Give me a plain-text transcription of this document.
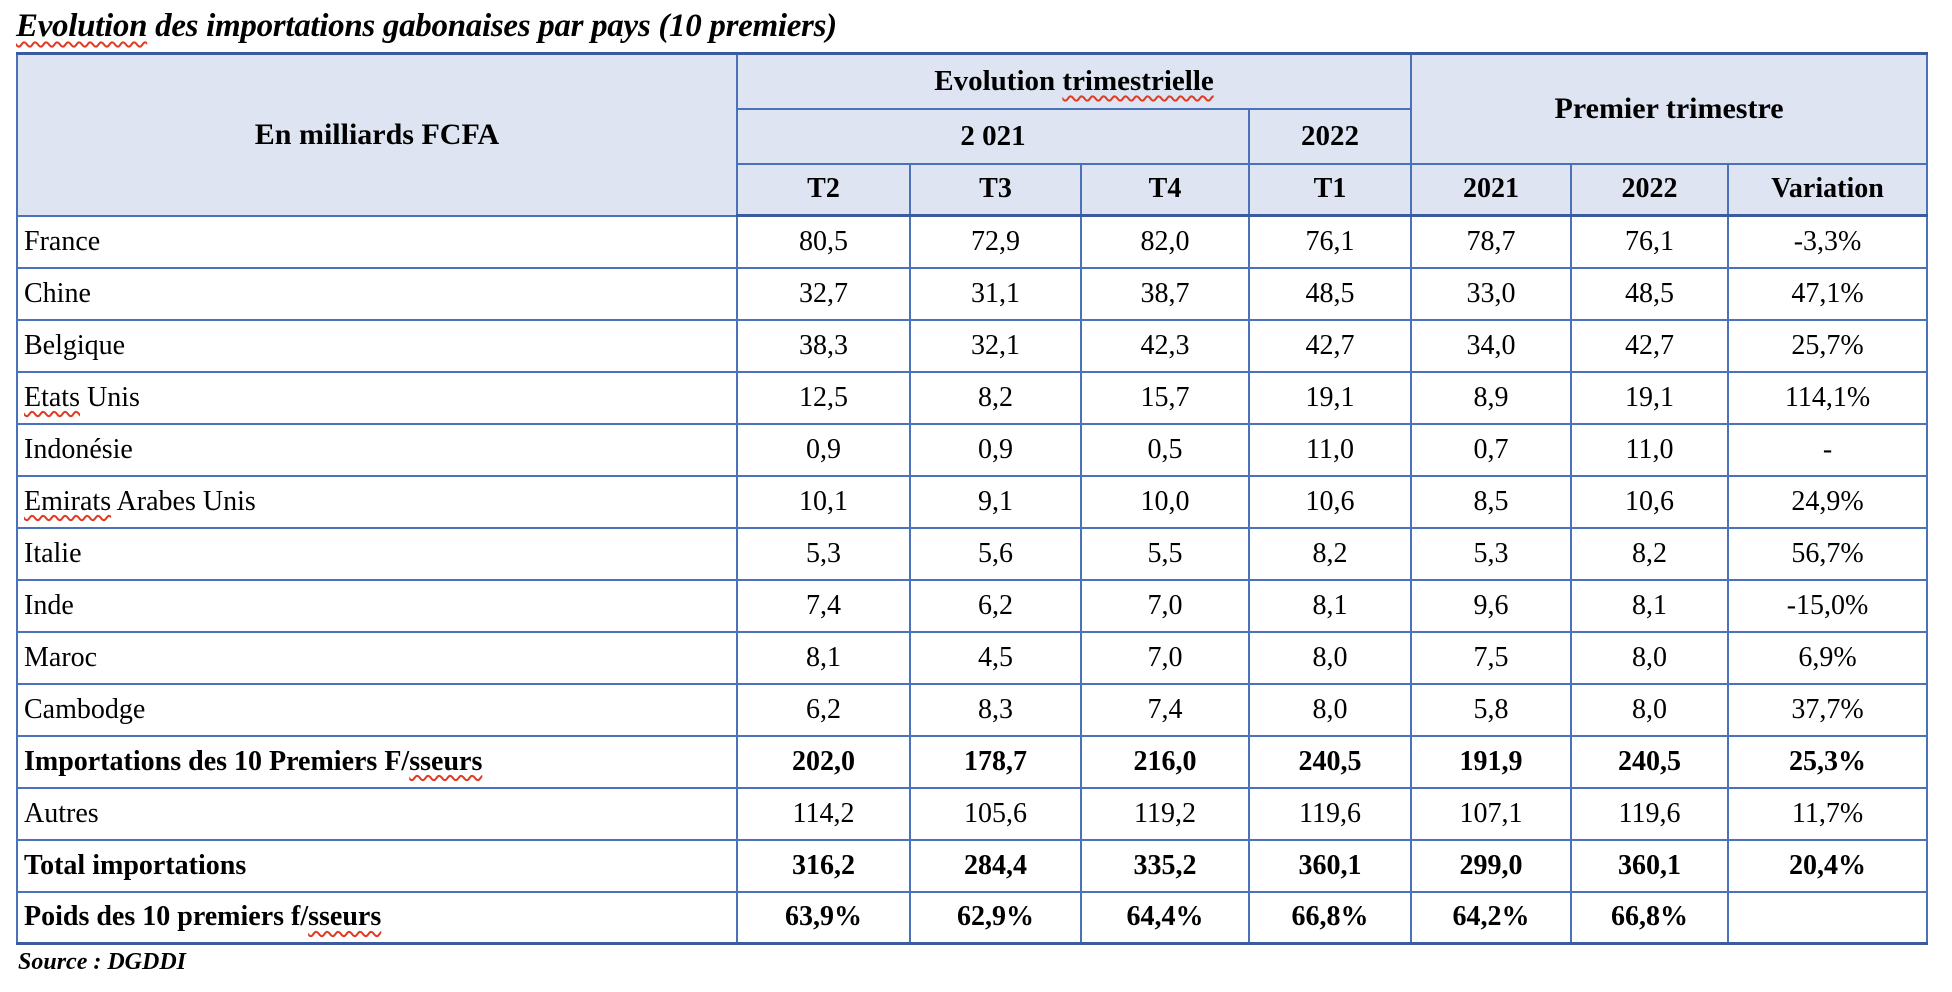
Evolution des importations gabonaises par pays (10 premiers)
En milliards FCFA	Evolution trimestrielle				Premier trimestre		
	2 021			2022			
	T2	T3	T4	T1	2021	2022	Variation
France	80,5	72,9	82,0	76,1	78,7	76,1	-3,3%
Chine	32,7	31,1	38,7	48,5	33,0	48,5	47,1%
Belgique	38,3	32,1	42,3	42,7	34,0	42,7	25,7%
Etats Unis	12,5	8,2	15,7	19,1	8,9	19,1	114,1%
Indonésie	0,9	0,9	0,5	11,0	0,7	11,0	-
Emirats Arabes Unis	10,1	9,1	10,0	10,6	8,5	10,6	24,9%
Italie	5,3	5,6	5,5	8,2	5,3	8,2	56,7%
Inde	7,4	6,2	7,0	8,1	9,6	8,1	-15,0%
Maroc	8,1	4,5	7,0	8,0	7,5	8,0	6,9%
Cambodge	6,2	8,3	7,4	8,0	5,8	8,0	37,7%
Importations des 10 Premiers F/sseurs	202,0	178,7	216,0	240,5	191,9	240,5	25,3%
Autres	114,2	105,6	119,2	119,6	107,1	119,6	11,7%
Total importations	316,2	284,4	335,2	360,1	299,0	360,1	20,4%
Poids des 10 premiers f/sseurs	63,9%	62,9%	64,4%	66,8%	64,2%	66,8%	
Source : DGDDI
